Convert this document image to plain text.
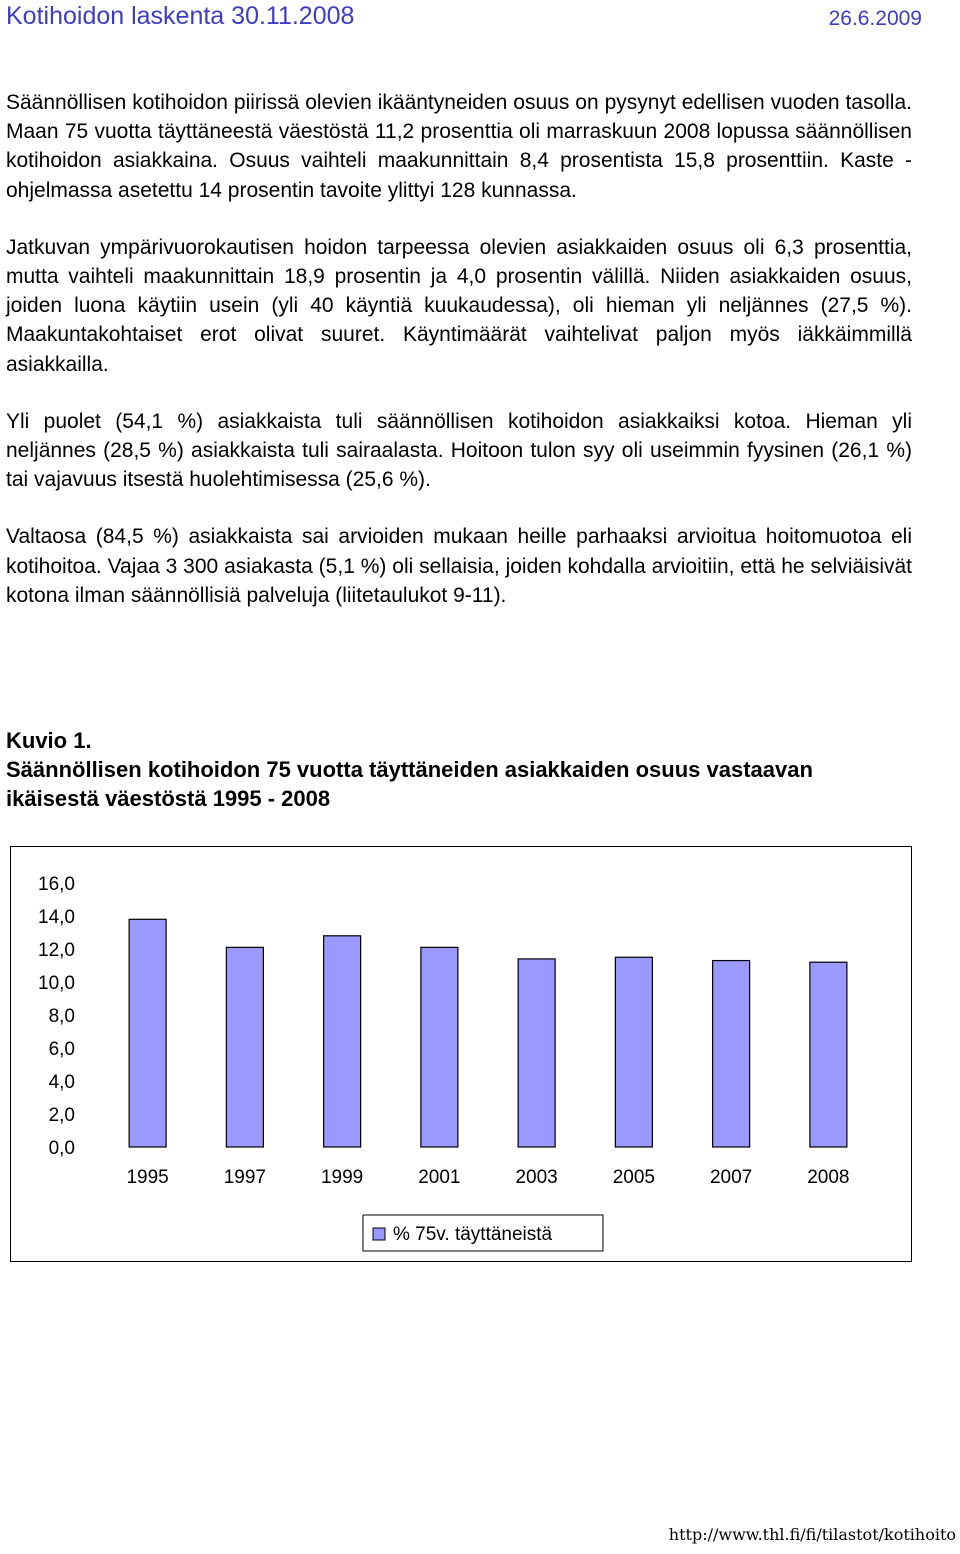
Kotihoidon laskenta 30.11.2008	26.6.2009

Säännöllisen kotihoidon piirissä olevien ikääntyneiden osuus on pysynyt edellisen vuoden tasolla. Maan 75 vuotta täyttäneestä väestöstä 11,2 prosenttia oli marraskuun 2008 lopussa säännöllisen kotihoidon asiakkaina. Osuus vaihteli maakunnittain 8,4 prosentista 15,8 prosenttiin. Kaste -ohjelmassa asetettu 14 prosentin tavoite ylittyi 128 kunnassa.

Jatkuvan ympärivuorokautisen hoidon tarpeessa olevien asiakkaiden osuus oli 6,3 prosenttia, mutta vaihteli maakunnittain 18,9 prosentin ja 4,0 prosentin välillä. Niiden asiakkaiden osuus, joiden luona käytiin usein (yli 40 käyntiä kuukaudessa), oli hieman yli neljännes (27,5 %). Maakuntakohtaiset erot olivat suuret. Käyntimäärät vaihtelivat paljon myös iäkkäimmillä asiakkailla.

Yli puolet (54,1 %) asiakkaista tuli säännöllisen kotihoidon asiakkaiksi kotoa. Hieman yli neljännes (28,5 %) asiakkaista tuli sairaalasta. Hoitoon tulon syy oli useimmin fyysinen (26,1 %) tai vajavuus itsestä huolehtimisessa (25,6 %).

Valtaosa (84,5 %) asiakkaista sai arvioiden mukaan heille parhaaksi arvioitua hoitomuotoa eli kotihoitoa. Vajaa 3 300 asiakasta (5,1 %) oli sellaisia, joiden kohdalla arvioitiin, että he selviäisivät kotona ilman säännöllisiä palveluja (liitetaulukot 9-11).

Kuvio 1.
Säännöllisen kotihoidon 75 vuotta täyttäneiden asiakkaiden osuus vastaavan ikäisestä väestöstä 1995 - 2008
0,0
2,0
4,0
6,0
8,0
10,0
12,0
14,0
16,0
1995	1997	1999	2001	2003	2005	2007	2008
% 75v. täyttäneistä
http://www.thl.fi/fi/tilastot/kotihoito
